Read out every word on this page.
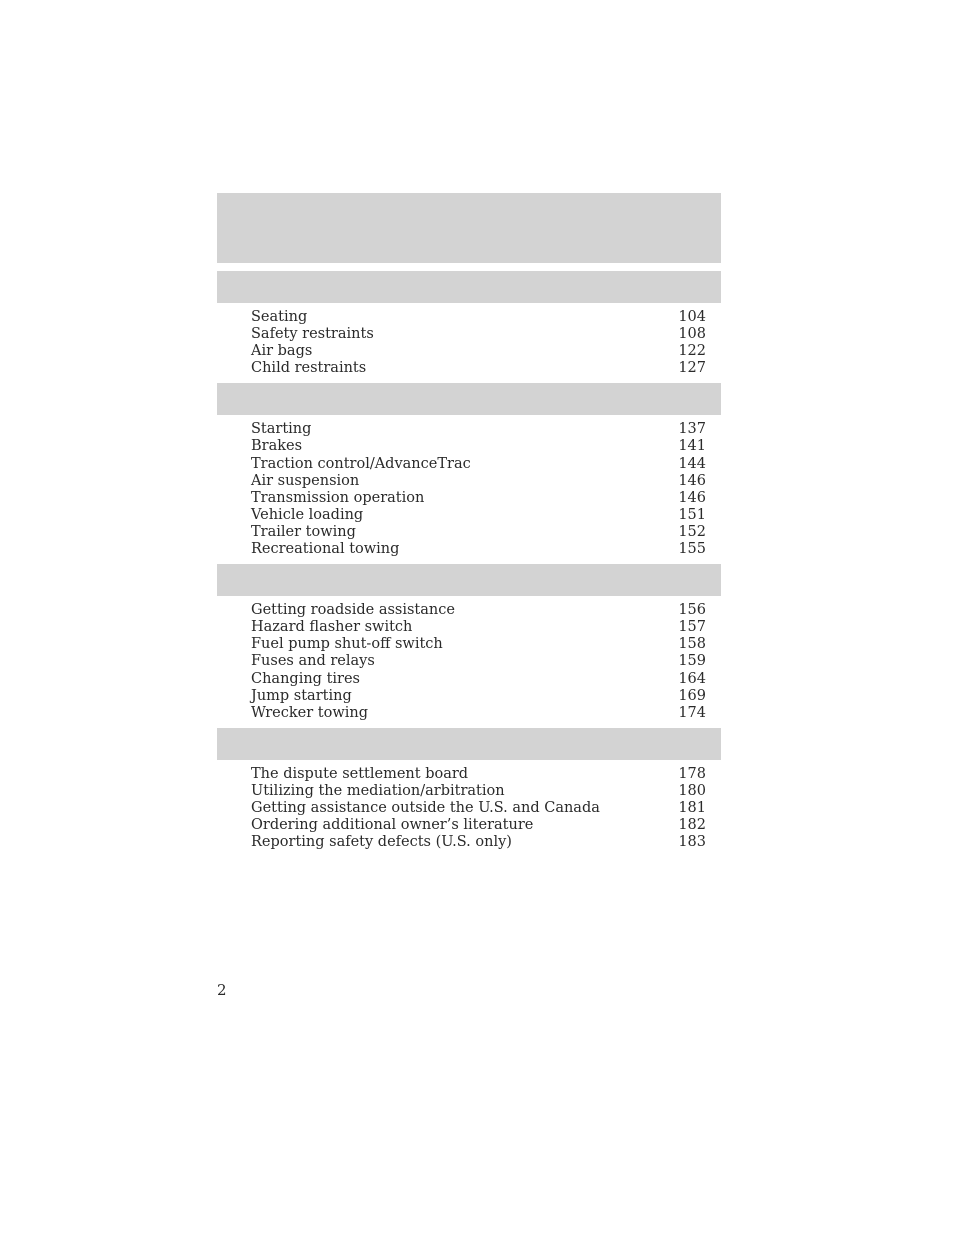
Seating	104
Safety restraints	108
Air bags	122
Child restraints	127
Starting	137
Brakes	141
Traction control/AdvanceTrac	144
Air suspension	146
Transmission operation	146
Vehicle loading	151
Trailer towing	152
Recreational towing	155
Getting roadside assistance	156
Hazard flasher switch	157
Fuel pump shut-off switch	158
Fuses and relays	159
Changing tires	164
Jump starting	169
Wrecker towing	174
The dispute settlement board	178
Utilizing the mediation/arbitration	180
Getting assistance outside the U.S. and Canada	181
Ordering additional owner’s literature	182
Reporting safety defects (U.S. only)	183
2
